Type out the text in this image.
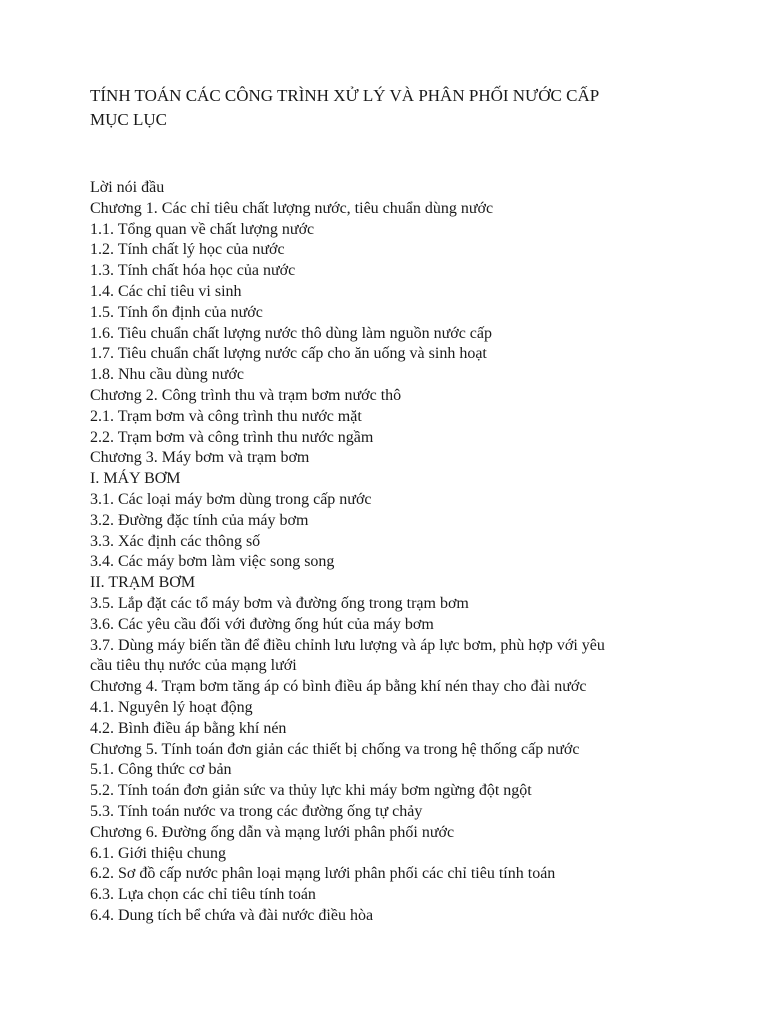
TÍNH TOÁN CÁC CÔNG TRÌNH XỬ LÝ VÀ PHÂN PHỐI NƯỚC CẤP

MỤC LỤC

Lời nói đầu
Chương 1. Các chỉ tiêu chất lượng nước, tiêu chuẩn dùng nước
1.1. Tổng quan về chất lượng nước
1.2. Tính chất lý học của nước
1.3. Tính chất hóa học của nước
1.4. Các chỉ tiêu vi sinh
1.5. Tính ổn định của nước
1.6. Tiêu chuẩn chất lượng nước thô dùng làm nguồn nước cấp
1.7. Tiêu chuẩn chất lượng nước cấp cho ăn uống và sinh hoạt
1.8. Nhu cầu dùng nước
Chương 2. Công trình thu và trạm bơm nước thô
2.1. Trạm bơm và công trình thu nước mặt
2.2. Trạm bơm và công trình thu nước ngầm
Chương 3. Máy bơm và trạm bơm
I. MÁY BƠM
3.1. Các loại máy bơm dùng trong cấp nước
3.2. Đường đặc tính của máy bơm
3.3. Xác định các thông số
3.4. Các máy bơm làm việc song song
II. TRẠM BƠM
3.5. Lắp đặt các tổ máy bơm và đường ống trong trạm bơm
3.6. Các yêu cầu đối với đường ống hút của máy bơm
3.7. Dùng máy biến tần để điều chỉnh lưu lượng và áp lực bơm, phù hợp với yêu
cầu tiêu thụ nước của mạng lưới
Chương 4. Trạm bơm tăng áp có bình điều áp bằng khí nén thay cho đài nước
4.1. Nguyên lý hoạt động
4.2. Bình điều áp bằng khí nén
Chương 5. Tính toán đơn giản các thiết bị chống va trong hệ thống cấp nước
5.1. Công thức cơ bản
5.2. Tính toán đơn giản sức va thủy lực khi máy bơm ngừng đột ngột
5.3. Tính toán nước va trong các đường ống tự chảy
Chương 6. Đường ống dẫn và mạng lưới phân phối nước
6.1. Giới thiệu chung
6.2. Sơ đồ cấp nước phân loại mạng lưới phân phối các chỉ tiêu tính toán
6.3. Lựa chọn các chỉ tiêu tính toán
6.4. Dung tích bể chứa và đài nước điều hòa
